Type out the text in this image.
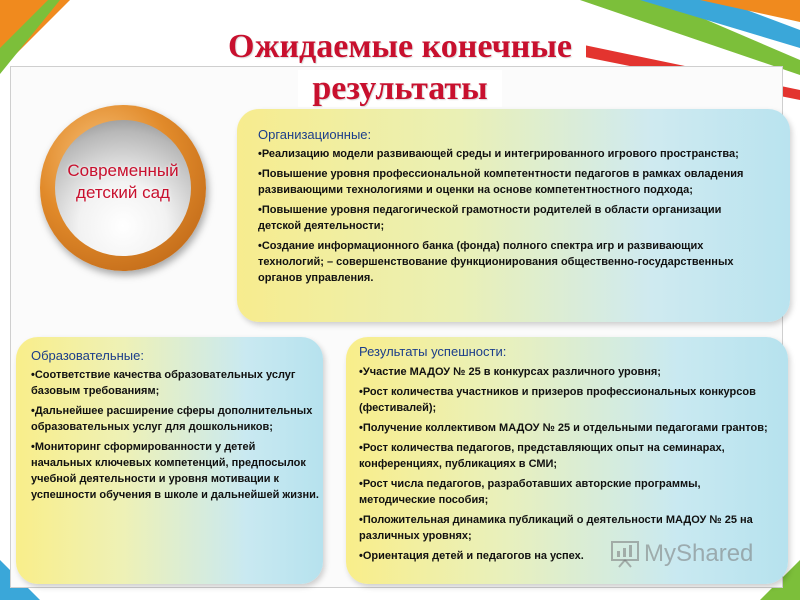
Ожидаемые конечные
результаты
Современный
детский сад
Организационные:
•Реализацию модели развивающей среды и интегрированного игрового пространства;
•Повышение уровня профессиональной компетентности педагогов в рамках овладения развивающими технологиями и оценки на основе компетентностного подхода;
•Повышение уровня педагогической грамотности родителей в области организации детской деятельности;
•Создание информационного банка (фонда) полного спектра игр и развивающих технологий; – совершенствование функционирования общественно-государственных органов управления.
Образовательные:
•Соответствие качества образовательных услуг базовым требованиям;
•Дальнейшее расширение сферы дополнительных образовательных услуг для дошкольников;
•Мониторинг сформированности у детей начальных ключевых компетенций, предпосылок учебной деятельности и уровня мотивации к успешности обучения в школе и дальнейшей жизни.
Результаты успешности:
•Участие МАДОУ № 25 в конкурсах различного уровня;
•Рост количества участников и призеров профессиональных конкурсов (фестивалей);
•Получение коллективом МАДОУ № 25 и отдельными педагогами грантов;
•Рост количества педагогов, представляющих опыт на семинарах, конференциях, публикациях в СМИ;
•Рост числа педагогов, разработавших авторские программы, методические пособия;
•Положительная динамика публикаций о деятельности МАДОУ № 25 на различных уровнях;
•Ориентация детей и педагогов на успех.	MyShared
